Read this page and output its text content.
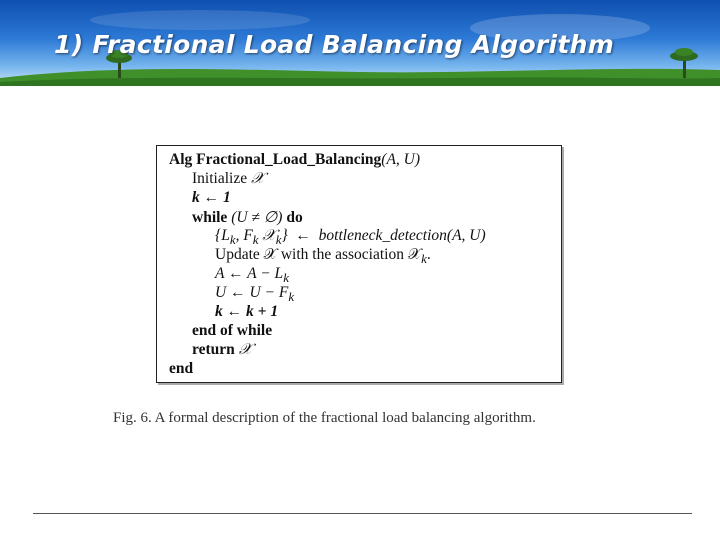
1) Fractional Load Balancing Algorithm
Alg Fractional_Load_Balancing(A, U)
Initialize 𝒳
k ← 1
while (U ≠ ∅) do
{$L_k$, $F_k$ 𝒳$_k$} ← bottleneck_detection(A, U)
Update 𝒳 with the association 𝒳$_k$.
A ← $A - L_k$
U ← $U - F_k$
k ← k + 1
end of while
return 𝒳
end
Fig. 6. A formal description of the fractional load balancing algorithm.
